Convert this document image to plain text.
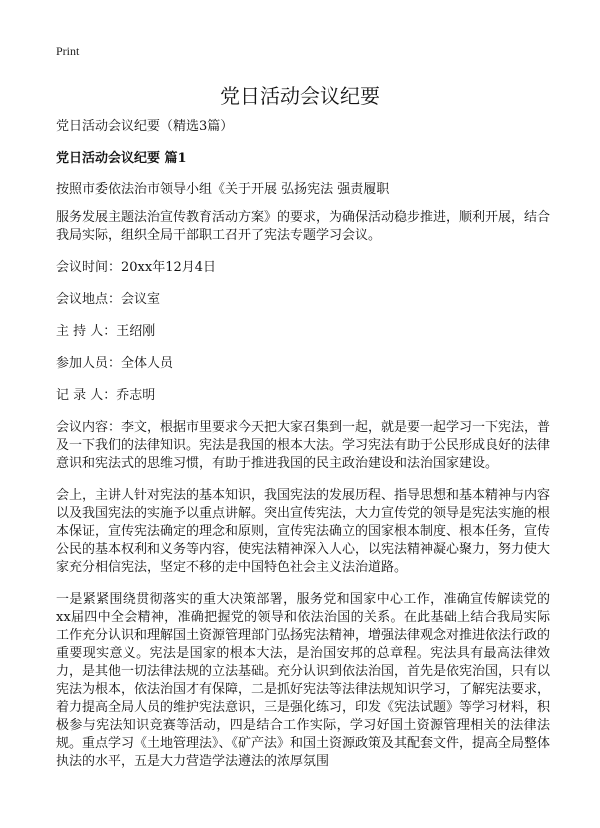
Print
党日活动会议纪要

党日活动会议纪要（精选3篇）

党日活动会议纪要 篇1

按照市委依法治市领导小组《关于开展 弘扬宪法 强责履职

服务发展主题法治宣传教育活动方案》的要求，为确保活动稳步推进，顺利开展，结合我局实际，组织全局干部职工召开了宪法专题学习会议。

会议时间：20xx年12月4日

会议地点：会议室

主 持 人：王绍刚

参加人员：全体人员

记 录 人：乔志明

会议内容：李文，根据市里要求今天把大家召集到一起，就是要一起学习一下宪法，普及一下我们的法律知识。宪法是我国的根本大法。学习宪法有助于公民形成良好的法律意识和宪法式的思维习惯，有助于推进我国的民主政治建设和法治国家建设。

会上，主讲人针对宪法的基本知识，我国宪法的发展历程、指导思想和基本精神与内容以及我国宪法的实施予以重点讲解。突出宣传宪法，大力宣传党的领导是宪法实施的根本保证，宣传宪法确定的理念和原则，宣传宪法确立的国家根本制度、根本任务，宣传公民的基本权利和义务等内容，使宪法精神深入人心，以宪法精神凝心聚力，努力使大家充分相信宪法，坚定不移的走中国特色社会主义法治道路。

一是紧紧围绕贯彻落实的重大决策部署，服务党和国家中心工作，准确宣传解读党的xx届四中全会精神，准确把握党的领导和依法治国的关系。在此基础上结合我局实际工作充分认识和理解国土资源管理部门弘扬宪法精神，增强法律观念对推进依法行政的重要现实意义。宪法是国家的根本大法，是治国安邦的总章程。宪法具有最高法律效力，是其他一切法律法规的立法基础。充分认识到依法治国，首先是依宪治国，只有以宪法为根本，依法治国才有保障，二是抓好宪法等法律法规知识学习，了解宪法要求，着力提高全局人员的维护宪法意识，三是强化练习，印发《宪法试题》等学习材料，积极参与宪法知识竞赛等活动，四是结合工作实际，学习好国土资源管理相关的法律法规。重点学习《土地管理法》、《矿产法》和国土资源政策及其配套文件，提高全局整体执法的水平，五是大力营造学法遵法的浓厚氛围
